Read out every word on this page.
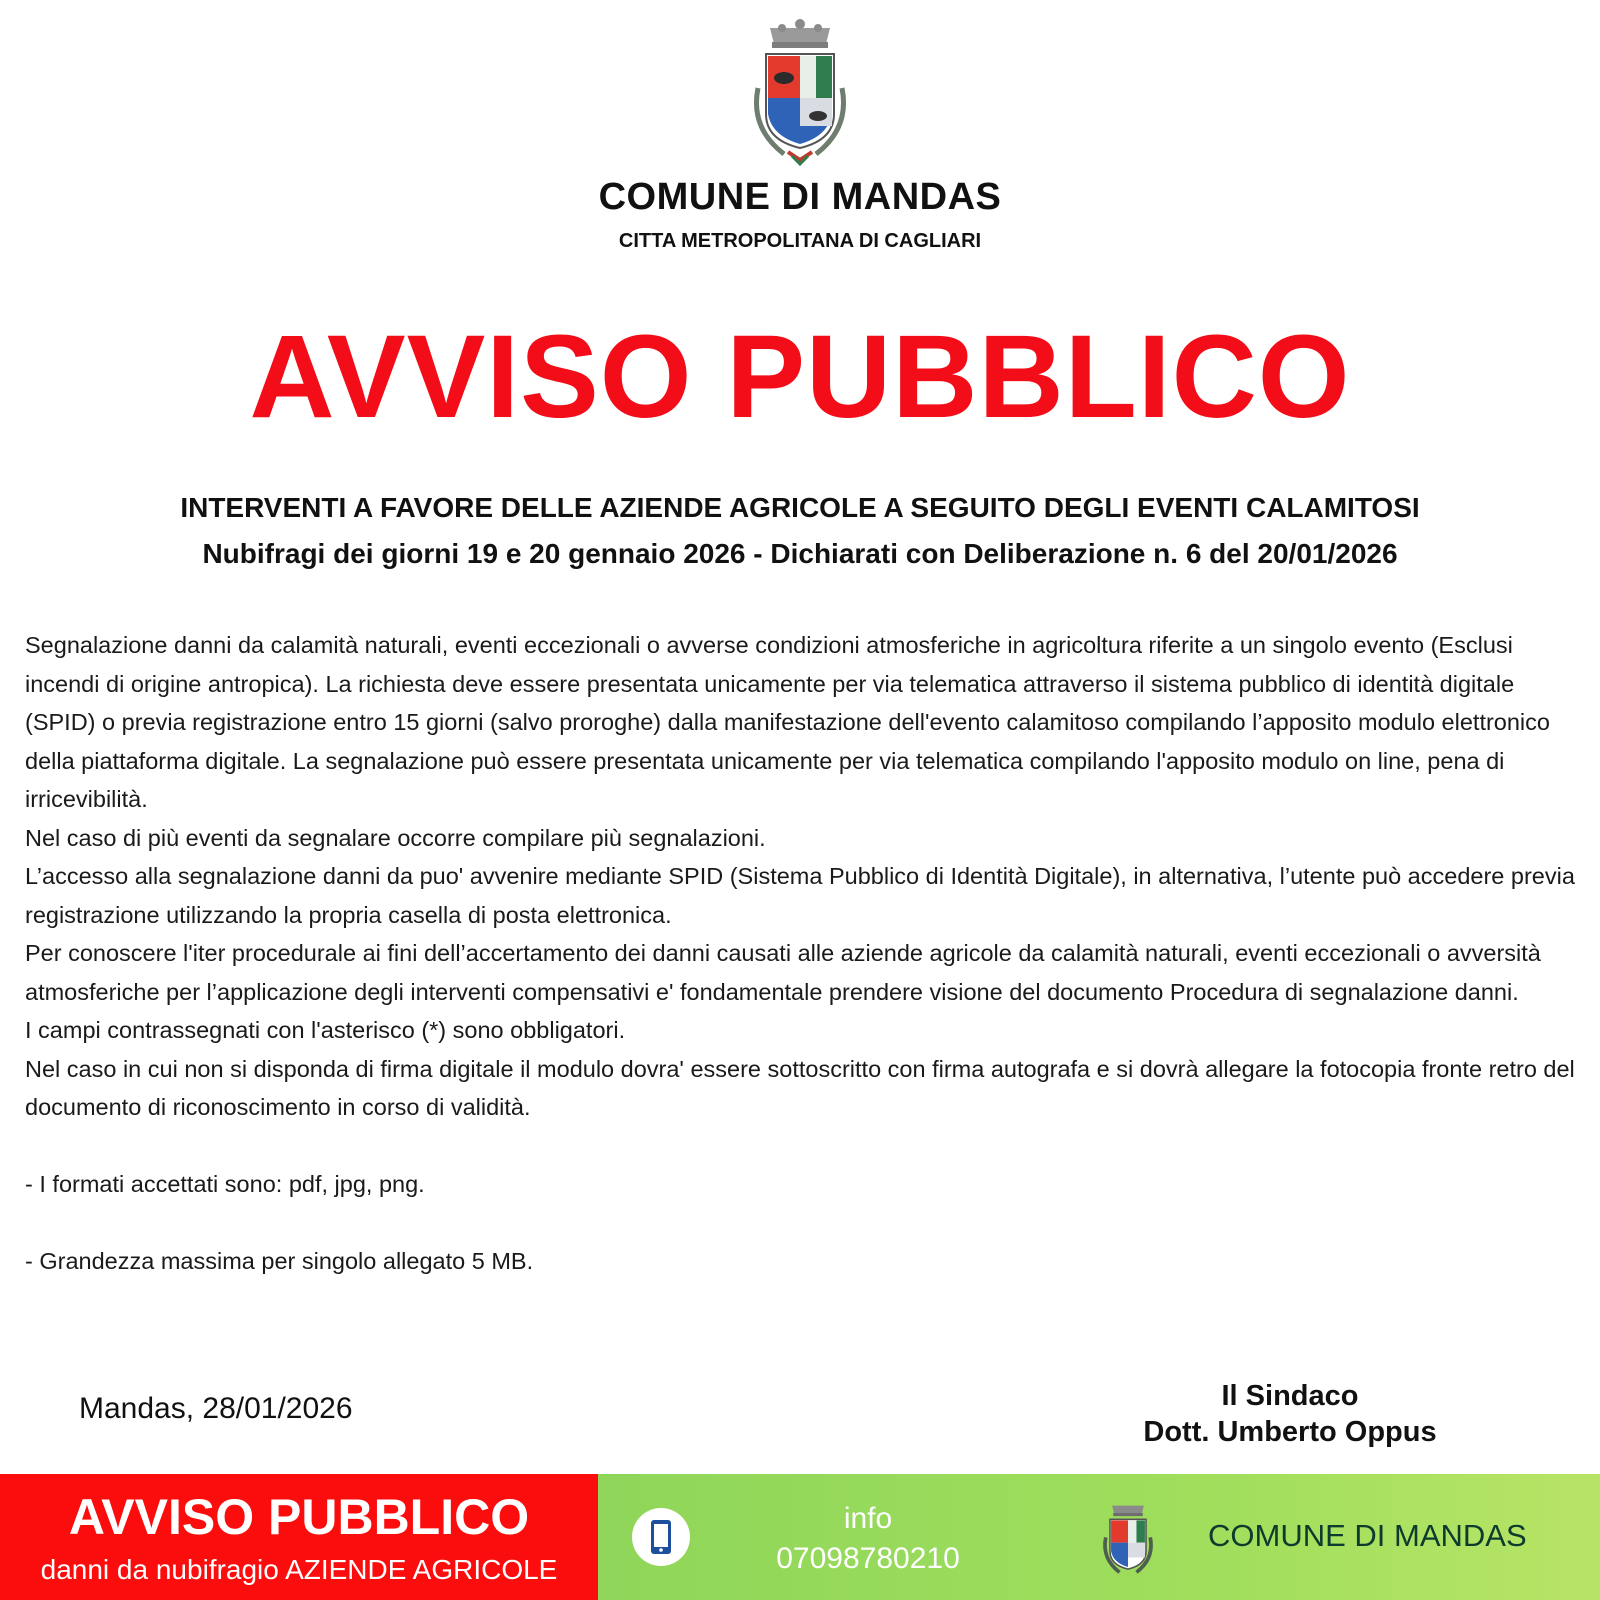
COMUNE DI MANDAS
CITTA METROPOLITANA DI CAGLIARI
AVVISO PUBBLICO
INTERVENTI A FAVORE DELLE AZIENDE AGRICOLE A SEGUITO DEGLI EVENTI CALAMITOSI
Nubifragi dei giorni 19 e 20 gennaio 2026 - Dichiarati con Deliberazione n. 6 del 20/01/2026

Segnalazione danni da calamità naturali, eventi eccezionali o avverse condizioni atmosferiche in agricoltura riferite a un singolo evento (Esclusi incendi di origine antropica). La richiesta deve essere presentata unicamente per via telematica attraverso il sistema pubblico di identità digitale (SPID) o previa registrazione entro 15 giorni (salvo proroghe) dalla manifestazione dell'evento calamitoso compilando l’apposito modulo elettronico della piattaforma digitale. La segnalazione può essere presentata unicamente per via telematica compilando l'apposito modulo on line, pena di irricevibilità.

Nel caso di più eventi da segnalare occorre compilare più segnalazioni.

L’accesso alla segnalazione danni da puo' avvenire mediante SPID (Sistema Pubblico di Identità Digitale), in alternativa, l’utente può accedere previa registrazione utilizzando la propria casella di posta elettronica.

Per conoscere l'iter procedurale ai fini dell’accertamento dei danni causati alle aziende agricole da calamità naturali, eventi eccezionali o avversità atmosferiche per l’applicazione degli interventi compensativi e' fondamentale prendere visione del documento Procedura di segnalazione danni.

I campi contrassegnati con l'asterisco (*) sono obbligatori.

Nel caso in cui non si disponda di firma digitale il modulo dovra' essere sottoscritto con firma autografa e si dovrà allegare la fotocopia fronte retro del documento di riconoscimento in corso di validità.

- I formati accettati sono: pdf, jpg, png.

- Grandezza massima per singolo allegato 5 MB.

Mandas, 28/01/2026	Il Sindaco
Dott. Umberto Oppus
AVVISO PUBBLICO
danni da nubifragio AZIENDE AGRICOLE
info
07098780210
COMUNE DI MANDAS
